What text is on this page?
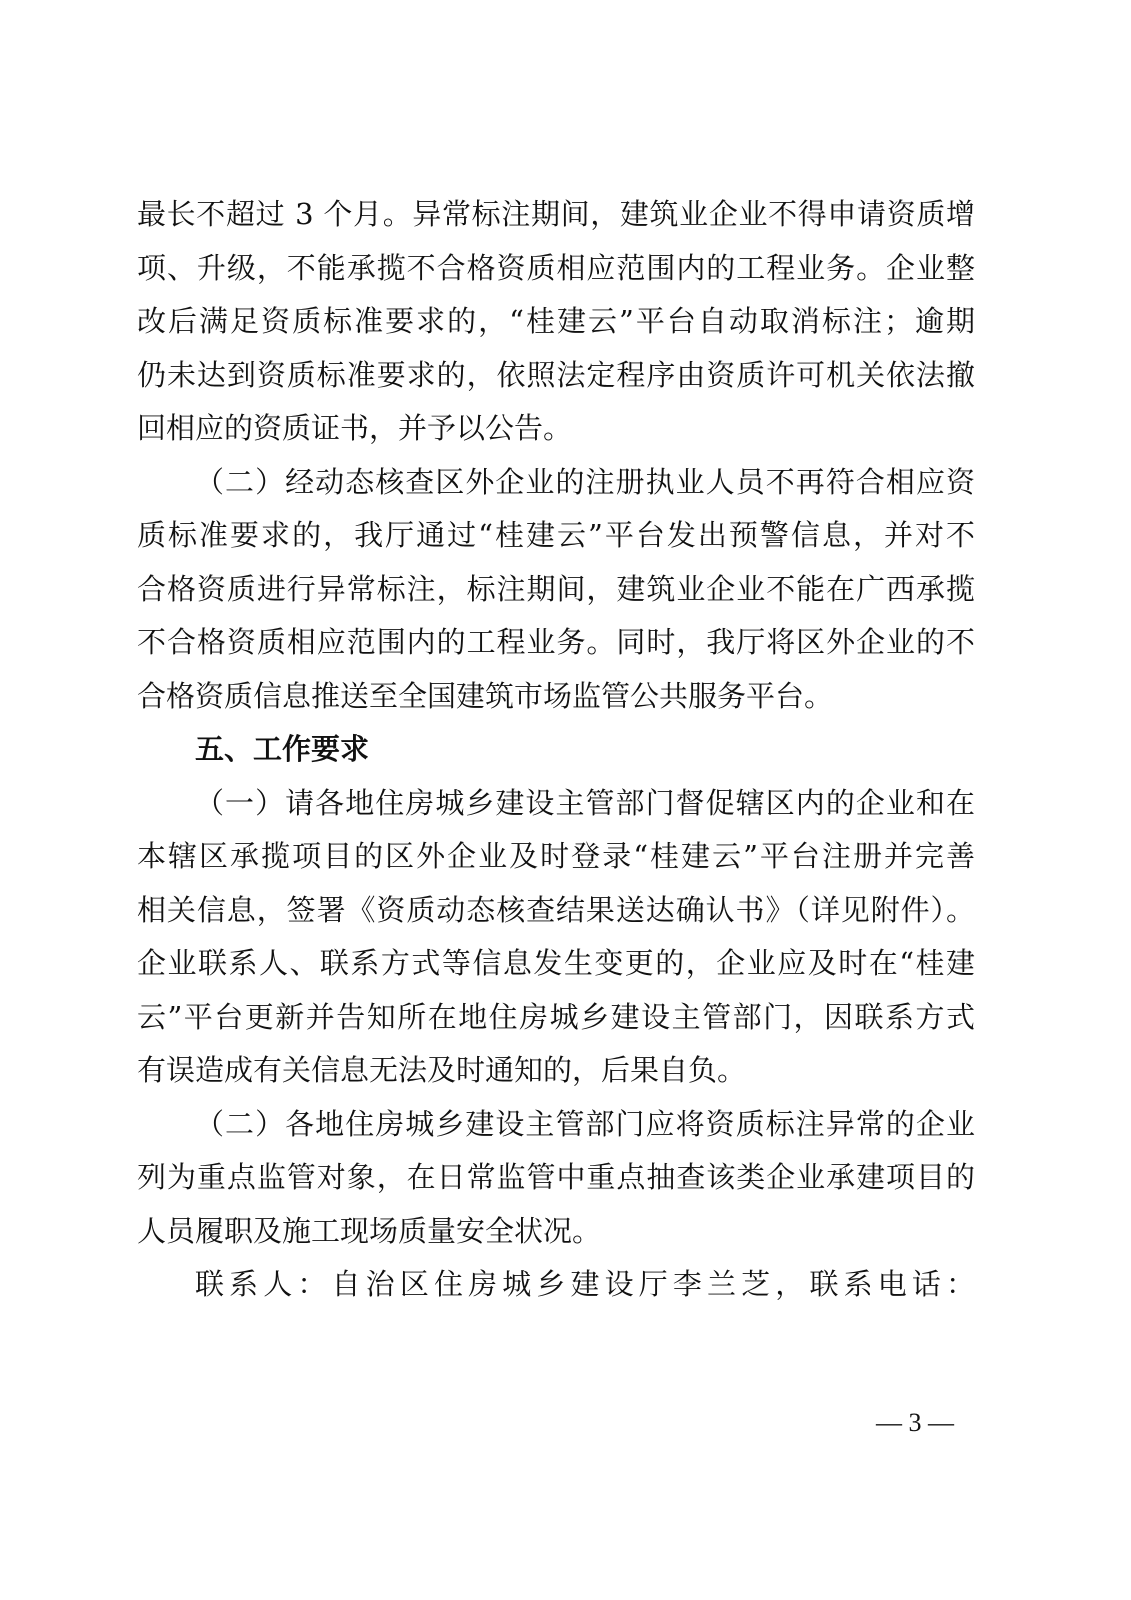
最长不超过 3 个月。异常标注期间，建筑业企业不得申请资质增
项、升级，不能承揽不合格资质相应范围内的工程业务。企业整
改后满足资质标准要求的，“桂建云”平台自动取消标注；逾期
仍未达到资质标准要求的，依照法定程序由资质许可机关依法撤
回相应的资质证书，并予以公告。
（二）经动态核查区外企业的注册执业人员不再符合相应资
质标准要求的，我厅通过“桂建云”平台发出预警信息，并对不
合格资质进行异常标注，标注期间，建筑业企业不能在广西承揽
不合格资质相应范围内的工程业务。同时，我厅将区外企业的不
合格资质信息推送至全国建筑市场监管公共服务平台。
五、工作要求
（一）请各地住房城乡建设主管部门督促辖区内的企业和在
本辖区承揽项目的区外企业及时登录“桂建云”平台注册并完善
相关信息，签署《资质动态核查结果送达确认书》（详见附件）。
企业联系人、联系方式等信息发生变更的，企业应及时在“桂建
云”平台更新并告知所在地住房城乡建设主管部门，因联系方式
有误造成有关信息无法及时通知的，后果自负。
（二）各地住房城乡建设主管部门应将资质标注异常的企业
列为重点监管对象，在日常监管中重点抽查该类企业承建项目的
人员履职及施工现场质量安全状况。
联系人：自治区住房城乡建设厅李兰芝，联系电话：
— 3 —
